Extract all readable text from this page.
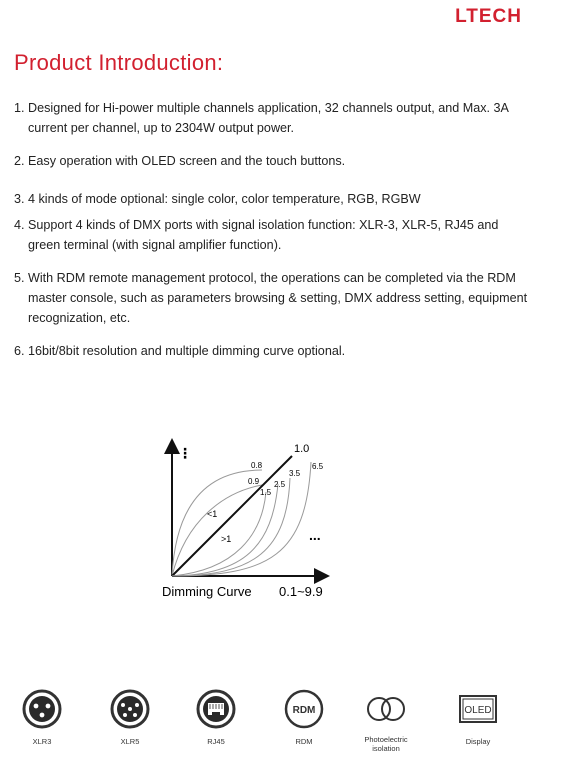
LTECH
Product Introduction:
1. Designed for Hi-power multiple channels application, 32 channels output, and Max. 3A current per channel, up to 2304W output power.
2. Easy operation with OLED screen and the touch buttons.
3. 4 kinds of mode optional: single color, color temperature, RGB, RGBW
4. Support 4 kinds of DMX ports with signal isolation function: XLR-3, XLR-5, RJ45 and green terminal (with signal amplifier function).
5. With RDM remote management protocol, the operations can be completed via the RDM master console, such as parameters browsing & setting, DMX address setting, equipment recognization, etc.
6. 16bit/8bit resolution and multiple dimming curve optional.
⋮	1.0
0.8
0.9
1.5
2.5
3.5
6.5
<1
>1	...
Dimming Curve 0.1~9.9
XLR3	XLR5	RJ45
RDM
RDM	Photoelectric isolation
OLED
Display
